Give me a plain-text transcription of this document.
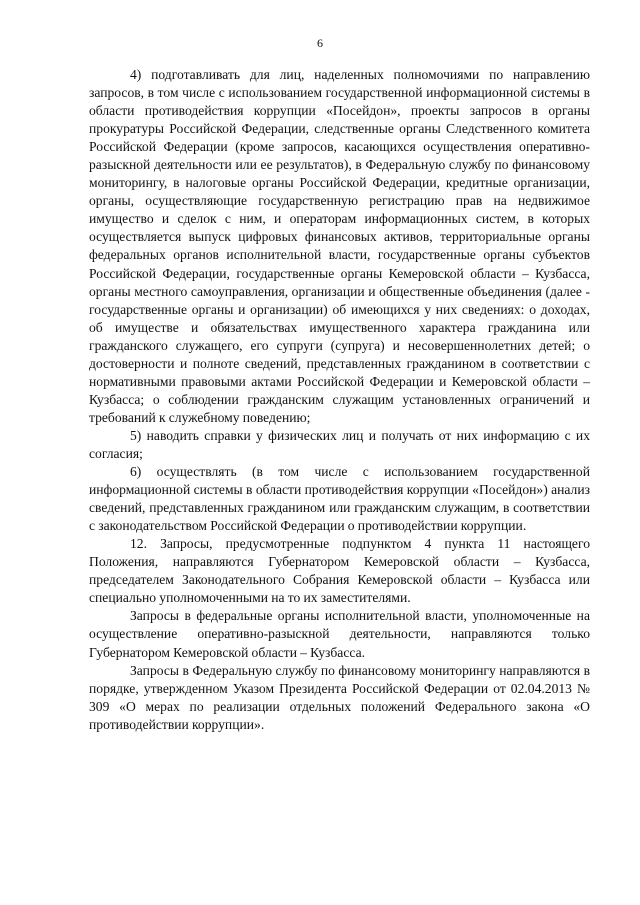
6

4) подготавливать для лиц, наделенных полномочиями по направлению запросов, в том числе с использованием государственной информационной системы в области противодействия коррупции «Посейдон», проекты запросов в органы прокуратуры Российской Федерации, следственные органы Следственного комитета Российской Федерации (кроме запросов, касающихся осуществления оперативно-разыскной деятельности или ее результатов), в Федеральную службу по финансовому мониторингу, в налоговые органы Российской Федерации, кредитные организации, органы, осуществляющие государственную регистрацию прав на недвижимое имущество и сделок с ним, и операторам информационных систем, в которых осуществляется выпуск цифровых финансовых активов, территориальные органы федеральных органов исполнительной власти, государственные органы субъектов Российской Федерации, государственные органы Кемеровской области – Кузбасса, органы местного самоуправления, организации и общественные объединения (далее - государственные органы и организации) об имеющихся у них сведениях: о доходах, об имуществе и обязательствах имущественного характера гражданина или гражданского служащего, его супруги (супруга) и несовершеннолетних детей; о достоверности и полноте сведений, представленных гражданином в соответствии с нормативными правовыми актами Российской Федерации и Кемеровской области – Кузбасса; о соблюдении гражданским служащим установленных ограничений и требований к служебному поведению;

5) наводить справки у физических лиц и получать от них информацию с их согласия;

6) осуществлять (в том числе с использованием государственной информационной системы в области противодействия коррупции «Посейдон») анализ сведений, представленных гражданином или гражданским служащим, в соответствии с законодательством Российской Федерации о противодействии коррупции.

12. Запросы, предусмотренные подпунктом 4 пункта 11 настоящего Положения, направляются Губернатором Кемеровской области – Кузбасса, председателем Законодательного Собрания Кемеровской области – Кузбасса или специально уполномоченными на то их заместителями.

Запросы в федеральные органы исполнительной власти, уполномоченные на осуществление оперативно-разыскной деятельности, направляются только Губернатором Кемеровской области – Кузбасса.

Запросы в Федеральную службу по финансовому мониторингу направляются в порядке, утвержденном Указом Президента Российской Федерации от 02.04.2013 № 309 «О мерах по реализации отдельных положений Федерального закона «О противодействии коррупции».
